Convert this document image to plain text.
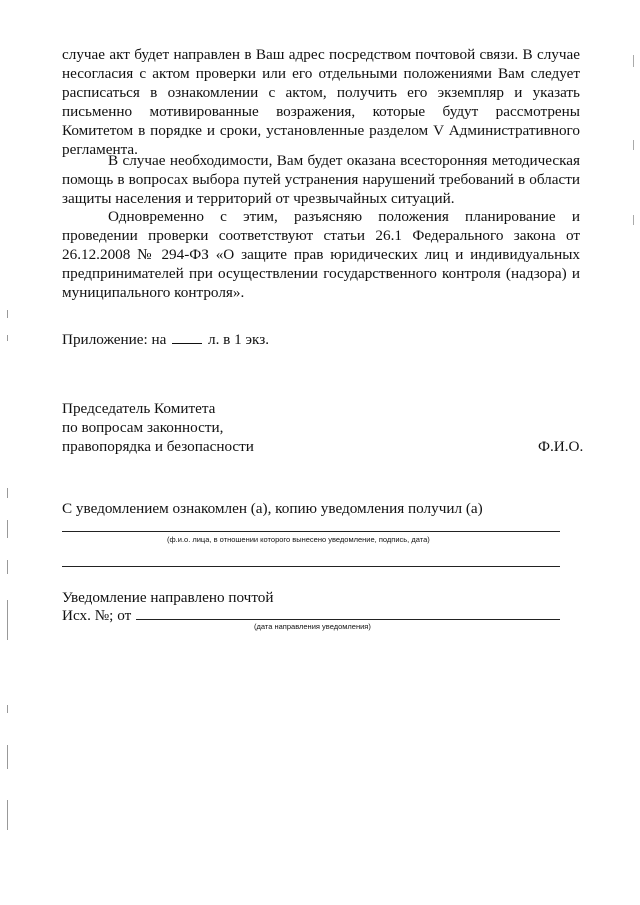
случае акт будет направлен в Ваш адрес посредством почтовой связи. В случае несогласия с актом проверки или его отдельными положениями Вам следует расписаться в ознакомлении с актом, получить его экземпляр и указать письменно мотивированные возражения, которые будут рассмотрены Комитетом в порядке и сроки, установленные разделом V Административного регламента.

В случае необходимости, Вам будет оказана всесторонняя методическая помощь в вопросах выбора путей устранения нарушений требований в области защиты населения и территорий от чрезвычайных ситуаций.

Одновременно с этим, разъясняю положения планирование и проведении проверки соответствуют статьи 26.1 Федерального закона от 26.12.2008 № 294-ФЗ «О защите прав юридических лиц и индивидуальных предпринимателей при осуществлении государственного контроля (надзора) и муниципального контроля».

Приложение: на	л. в 1 экз.
Председатель Комитета
по вопросам законности,
правопорядка и безопасности	Ф.И.О.
С уведомлением ознакомлен (а), копию уведомления получил (а)
(ф.и.о. лица, в отношении которого вынесено уведомление, подпись, дата)
Уведомление направлено почтой
Исх. №; от
(дата направления уведомления)
